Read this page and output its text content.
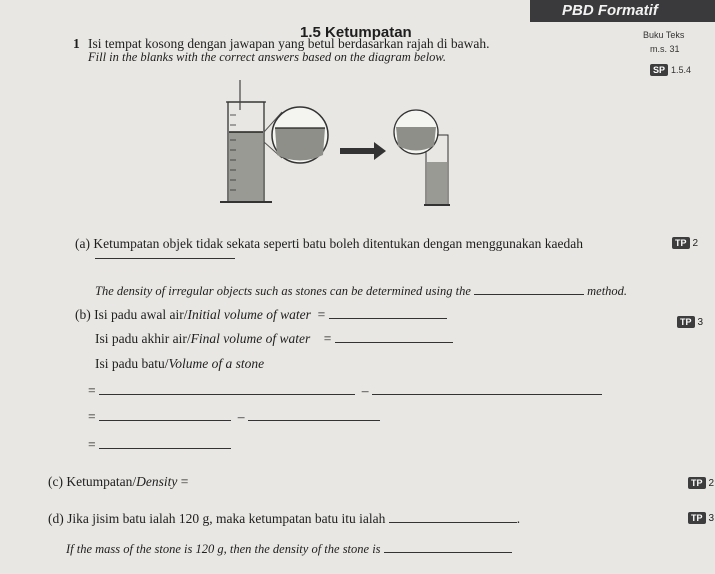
PBD Formatif
1.5 Ketumpatan	Buku Teks
m.s. 31
SP 1.5.4
1 Isi tempat kosong dengan jawapan yang betul berdasarkan rajah di bawah.
Fill in the blanks with the correct answers based on the diagram below.
(a) Ketumpatan objek tidak sekata seperti batu boleh ditentukan dengan menggunakan kaedah	TP 2
The density of irregular objects such as stones can be determined using the	method.
(b) Isi padu awal air/Initial volume of water =	TP 3
Isi padu akhir air/Final volume of water =
Isi padu batu/Volume of a stone
=	–
=	–
=
(c) Ketumpatan/Density =	TP 2
(d) Jika jisim batu ialah 120 g, maka ketumpatan batu itu ialah	.	TP 3
If the mass of the stone is 120 g, then the density of the stone is
